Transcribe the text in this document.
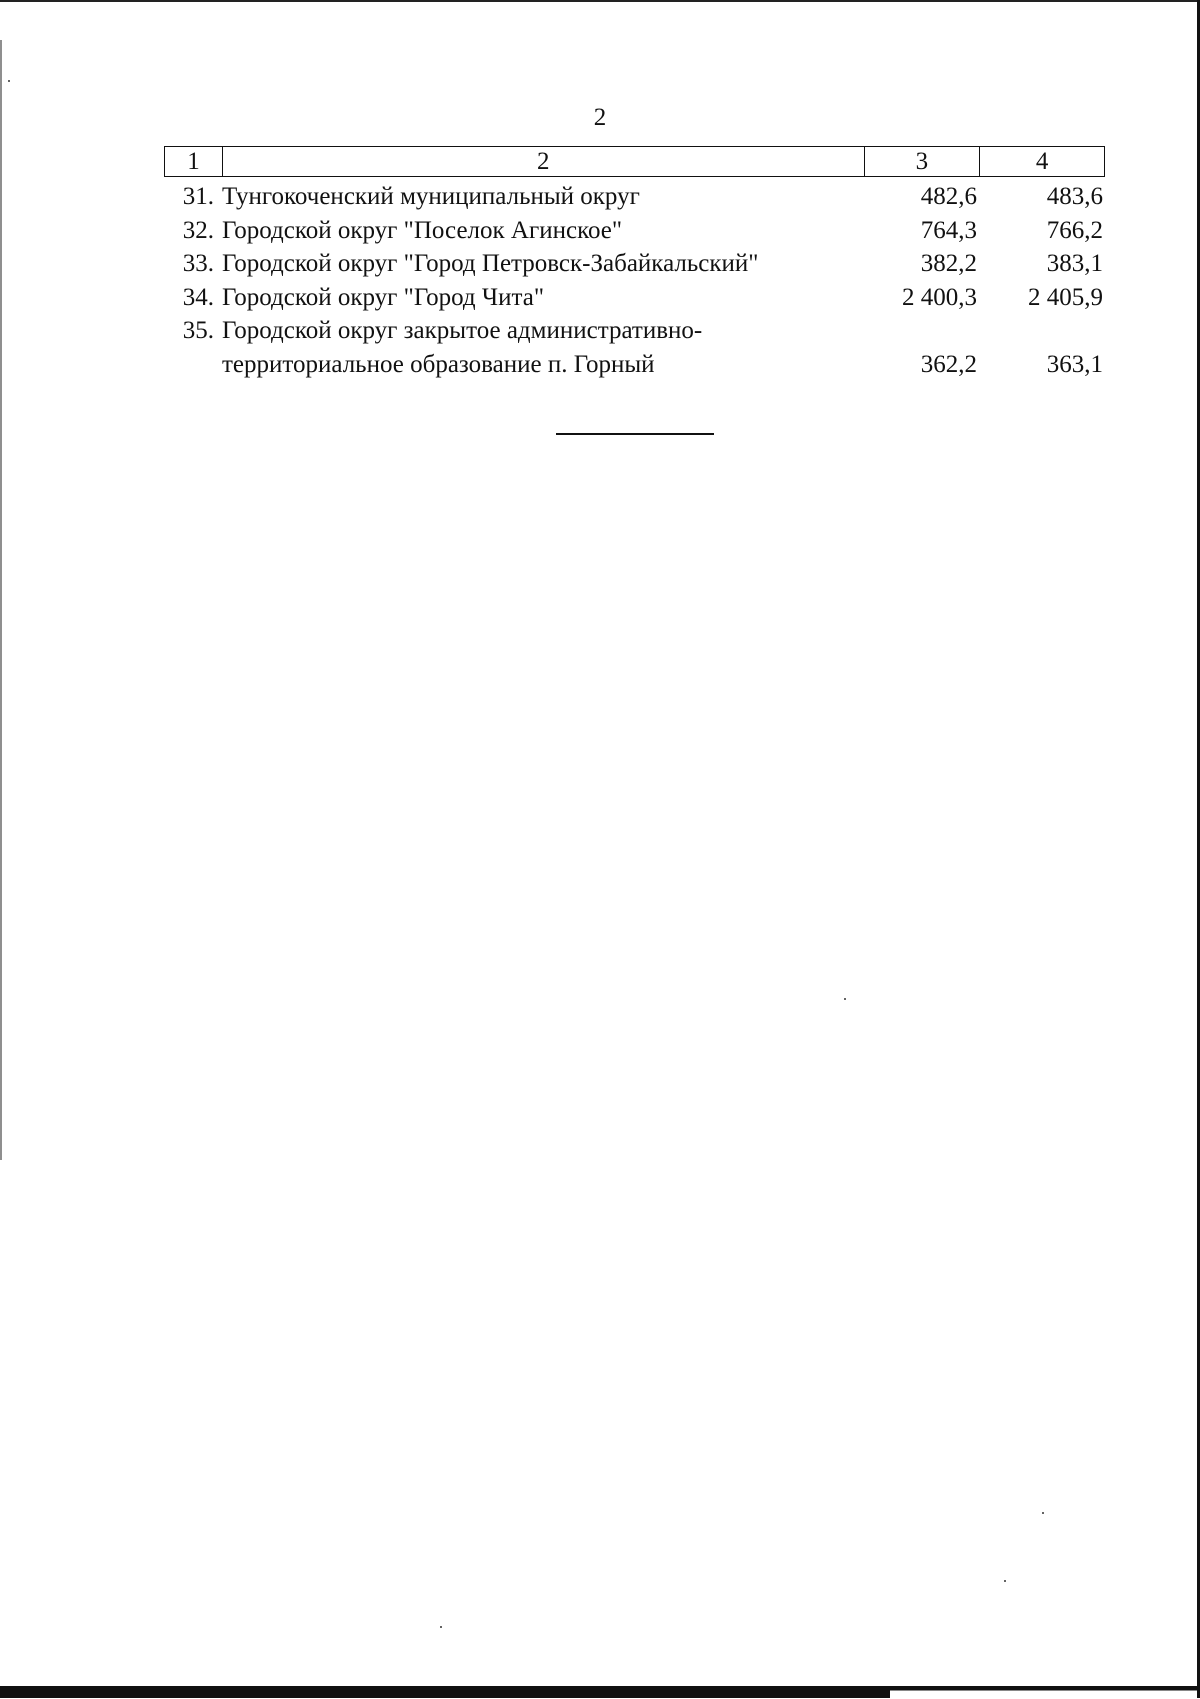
2
1	2	3	4
31. Тунгокоченский муниципальный округ	482,6	483,6
32. Городской округ "Поселок Агинское"	764,3	766,2
33. Городской округ "Город Петровск-Забайкальский"	382,2	383,1
34. Городской округ "Город Чита"	2 400,3	2 405,9
35. Городской округ закрытое административно-
территориальное образование п. Горный	362,2	363,1
